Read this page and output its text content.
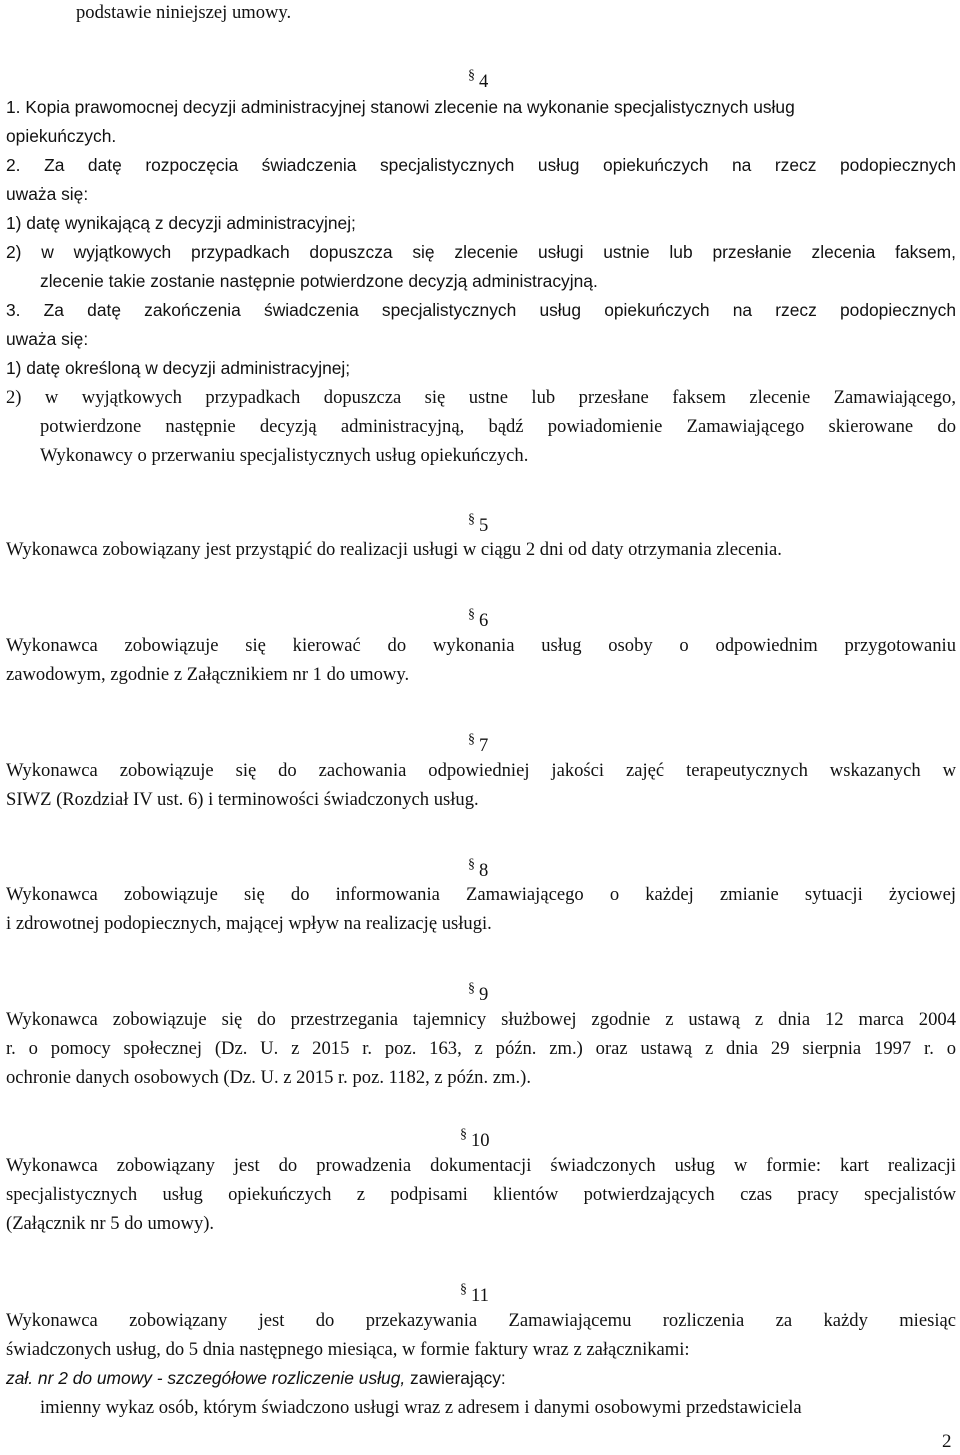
podstawie niniejszej umowy.
§ 4
1. Kopia prawomocnej decyzji administracyjnej stanowi zlecenie na wykonanie specjalistycznych usług
opiekuńczych.
2. Za datę rozpoczęcia świadczenia specjalistycznych usług opiekuńczych na rzecz podopiecznych
uważa się:
1) datę wynikającą z decyzji administracyjnej;
2) w wyjątkowych przypadkach dopuszcza się zlecenie usługi ustnie lub przesłanie zlecenia faksem,
zlecenie takie zostanie następnie potwierdzone decyzją administracyjną.
3. Za datę zakończenia świadczenia specjalistycznych usług opiekuńczych na rzecz podopiecznych
uważa się:
1) datę określoną w decyzji administracyjnej;
2) w wyjątkowych przypadkach dopuszcza się ustne lub przesłane faksem zlecenie Zamawiającego,
potwierdzone następnie decyzją administracyjną, bądź powiadomienie Zamawiającego skierowane do
Wykonawcy o przerwaniu specjalistycznych usług opiekuńczych.
§ 5
Wykonawca zobowiązany jest przystąpić do realizacji usługi w ciągu 2 dni od daty otrzymania zlecenia.
§ 6
Wykonawca zobowiązuje się kierować do wykonania usług osoby o odpowiednim przygotowaniu
zawodowym, zgodnie z Załącznikiem nr 1 do umowy.
§ 7
Wykonawca zobowiązuje się do zachowania odpowiedniej jakości zajęć terapeutycznych wskazanych w
SIWZ (Rozdział IV ust. 6) i terminowości świadczonych usług.
§ 8
Wykonawca zobowiązuje się do informowania Zamawiającego o każdej zmianie sytuacji życiowej
i zdrowotnej podopiecznych, mającej wpływ na realizację usługi.
§ 9
Wykonawca zobowiązuje się do przestrzegania tajemnicy służbowej zgodnie z ustawą z dnia 12 marca 2004
r. o pomocy społecznej (Dz. U. z 2015 r. poz. 163, z późn. zm.) oraz ustawą z dnia 29 sierpnia 1997 r. o
ochronie danych osobowych (Dz. U. z 2015 r. poz. 1182, z późn. zm.).
§ 10
Wykonawca zobowiązany jest do prowadzenia dokumentacji świadczonych usług w formie: kart realizacji
specjalistycznych usług opiekuńczych z podpisami klientów potwierdzających czas pracy specjalistów
(Załącznik nr 5 do umowy).
§ 11
Wykonawca zobowiązany jest do przekazywania Zamawiającemu rozliczenia za każdy miesiąc
świadczonych usług, do 5 dnia następnego miesiąca, w formie faktury wraz z załącznikami:
zał. nr 2 do umowy - szczegółowe rozliczenie usług, zawierający:
imienny wykaz osób, którym świadczono usługi wraz z adresem i danymi osobowymi przedstawiciela
2
